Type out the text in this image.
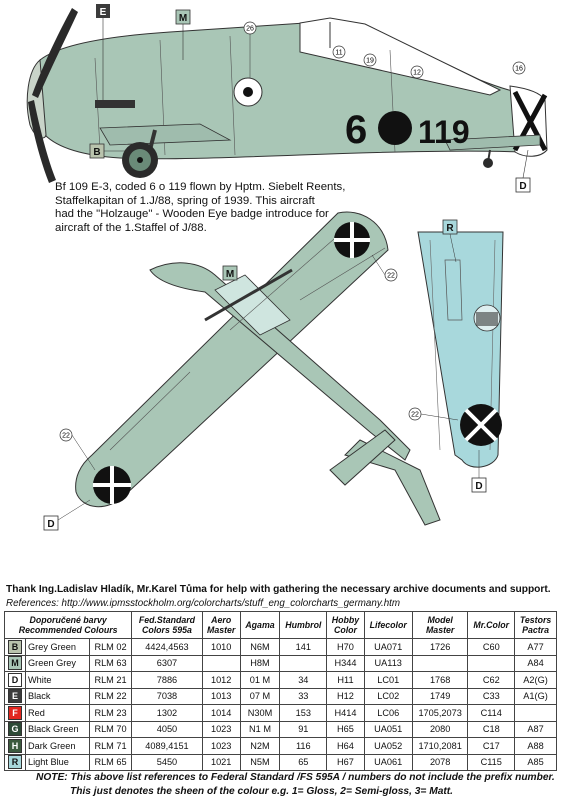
6 119
E
M
B
D
26
11
19
12
16
M	22
22
D
R
22
D
Bf 109 E-3, coded 6 o 119 flown by Hptm. Siebelt Reents,
Staffelkapitan of 1.J/88, spring of 1939. This aircraft
had the "Holzauge" - Wooden Eye badge introduce for
aircraft of the 1.Staffel of J/88.
Thank Ing.Ladislav Hladík, Mr.Karel Tůma for help with gathering the necessary archive documents and support.
References: http://www.ipmsstockholm.org/colorcharts/stuff_eng_colorcharts_germany.htm
Doporučené barvy
Recommended Colours			Fed.Standard
Colors 595a	Aero
Master	Agama	Humbrol	Hobby
Color	Lifecolor	Model
Master	Mr.Color	Testors
Pactra
B	Grey Green	RLM 02	4424,4563	1010	N6M	141	H70	UA071	1726	C60	A77
M	Green Grey	RLM 63	6307		H8M		H344	UA113			A84
D	White	RLM 21	7886	1012	01 M	34	H11	LC01	1768	C62	A2(G)
E	Black	RLM 22	7038	1013	07 M	33	H12	LC02	1749	C33	A1(G)
F	Red	RLM 23	1302	1014	N30M	153	H414	LC06	1705,2073	C114	
G	Black Green	RLM 70	4050	1023	N1 M	91	H65	UA051	2080	C18	A87
H	Dark Green	RLM 71	4089,4151	1023	N2M	116	H64	UA052	1710,2081	C17	A88
R	Light Blue	RLM 65	5450	1021	N5M	65	H67	UA061	2078	C115	A85
NOTE: This above list references to Federal Standard /FS 595A / numbers do not include the prefix number.
This just denotes the sheen of the colour e.g. 1= Gloss, 2= Semi-gloss, 3= Matt.
